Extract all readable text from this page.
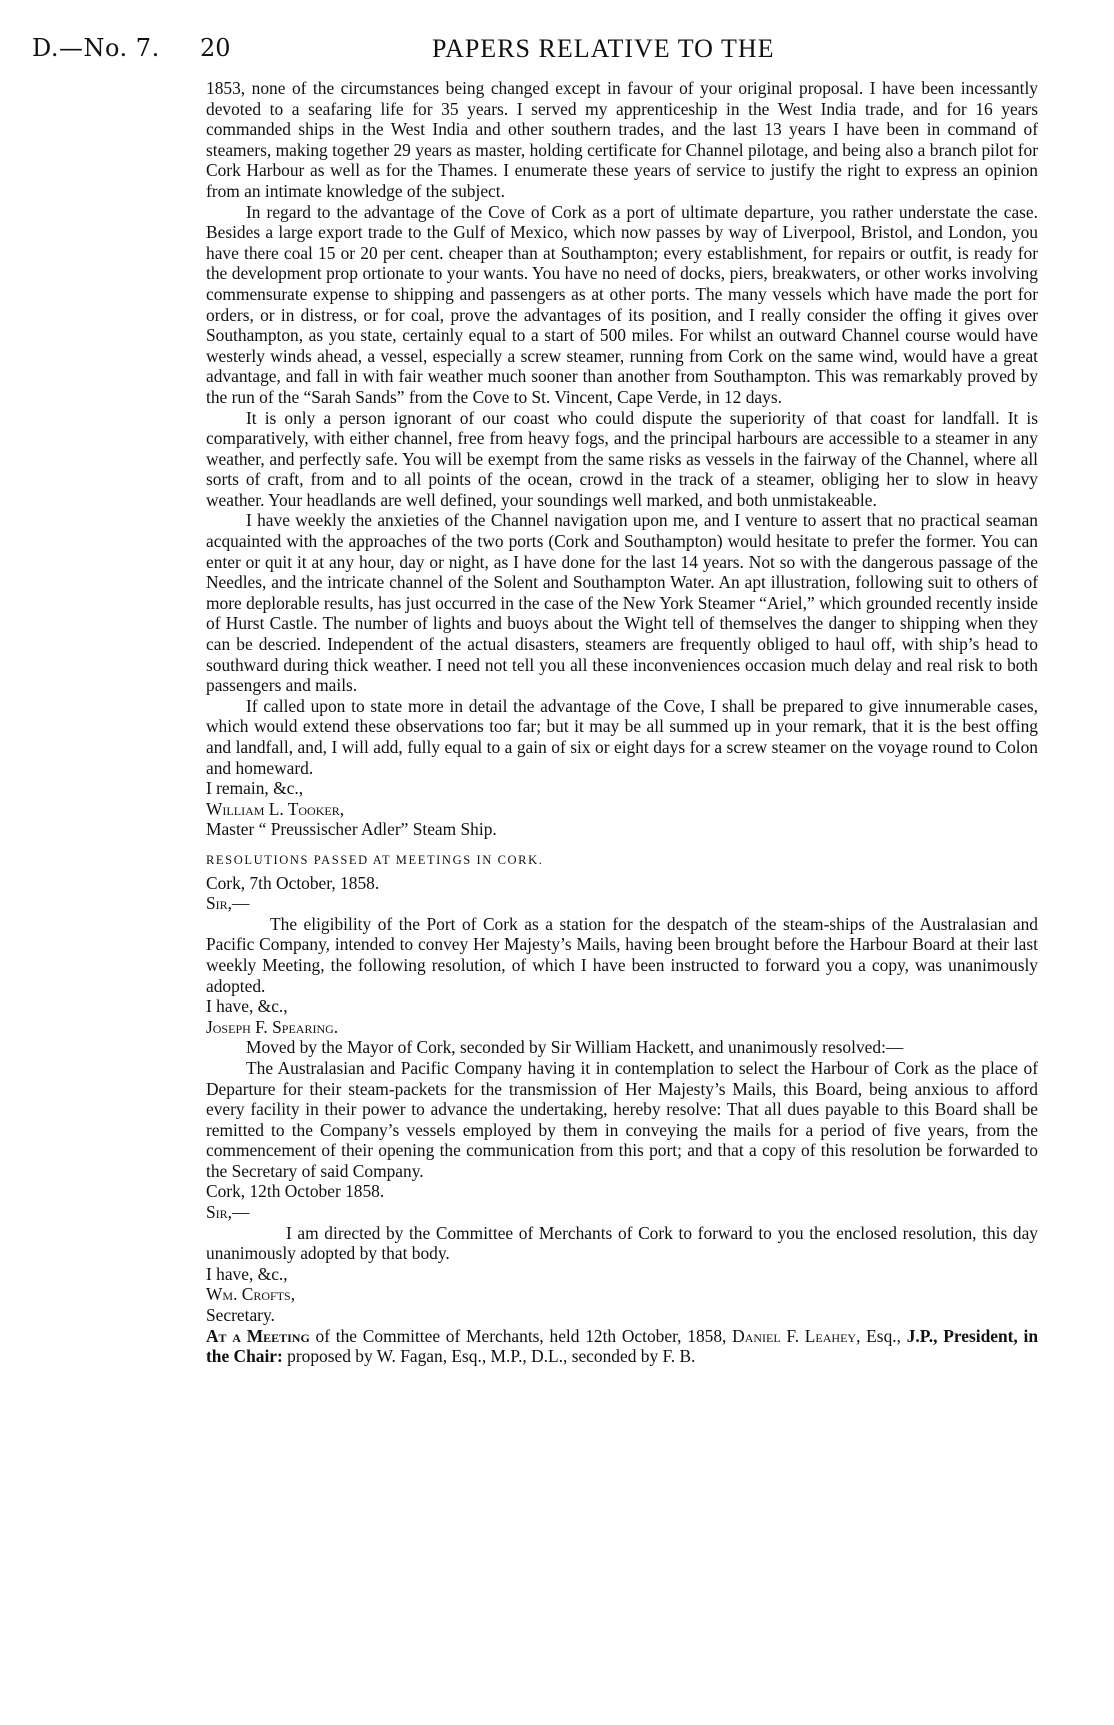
D.—No. 7. 20	PAPERS RELATIVE TO THE

1853, none of the circumstances being changed except in favour of your original proposal. I have been incessantly devoted to a seafaring life for 35 years. I served my apprenticeship in the West India trade, and for 16 years commanded ships in the West India and other southern trades, and the last 13 years I have been in command of steamers, making together 29 years as master, holding certificate for Channel pilotage, and being also a branch pilot for Cork Harbour as well as for the Thames. I enumerate these years of service to justify the right to express an opinion from an intimate knowledge of the subject.

In regard to the advantage of the Cove of Cork as a port of ultimate departure, you rather understate the case. Besides a large export trade to the Gulf of Mexico, which now passes by way of Liverpool, Bristol, and London, you have there coal 15 or 20 per cent. cheaper than at Southampton; every establishment, for repairs or outfit, is ready for the development prop ortionate to your wants. You have no need of docks, piers, breakwaters, or other works involving commensurate expense to shipping and passengers as at other ports. The many vessels which have made the port for orders, or in distress, or for coal, prove the advantages of its position, and I really consider the offing it gives over Southampton, as you state, certainly equal to a start of 500 miles. For whilst an outward Channel course would have westerly winds ahead, a vessel, especially a screw steamer, running from Cork on the same wind, would have a great advantage, and fall in with fair weather much sooner than another from Southampton. This was remarkably proved by the run of the “Sarah Sands” from the Cove to St. Vincent, Cape Verde, in 12 days.

It is only a person ignorant of our coast who could dispute the superiority of that coast for landfall. It is comparatively, with either channel, free from heavy fogs, and the principal harbours are accessible to a steamer in any weather, and perfectly safe. You will be exempt from the same risks as vessels in the fairway of the Channel, where all sorts of craft, from and to all points of the ocean, crowd in the track of a steamer, obliging her to slow in heavy weather. Your headlands are well defined, your soundings well marked, and both unmistakeable.

I have weekly the anxieties of the Channel navigation upon me, and I venture to assert that no practical seaman acquainted with the approaches of the two ports (Cork and Southampton) would hesitate to prefer the former. You can enter or quit it at any hour, day or night, as I have done for the last 14 years. Not so with the dangerous passage of the Needles, and the intricate channel of the Solent and Southampton Water. An apt illustration, following suit to others of more deplorable results, has just occurred in the case of the New York Steamer “Ariel,” which grounded recently inside of Hurst Castle. The number of lights and buoys about the Wight tell of themselves the danger to shipping when they can be descried. Independent of the actual disasters, steamers are frequently obliged to haul off, with ship’s head to southward during thick weather. I need not tell you all these inconveniences occasion much delay and real risk to both passengers and mails.

If called upon to state more in detail the advantage of the Cove, I shall be prepared to give innumerable cases, which would extend these observations too far; but it may be all summed up in your remark, that it is the best offing and landfall, and, I will add, fully equal to a gain of six or eight days for a screw steamer on the voyage round to Colon and homeward.

I remain, &c.,

William L. Tooker,

Master “ Preussischer Adler” Steam Ship.

RESOLUTIONS PASSED AT MEETINGS IN CORK.

Cork, 7th October, 1858.

Sir,—

The eligibility of the Port of Cork as a station for the despatch of the steam-ships of the Australasian and Pacific Company, intended to convey Her Majesty’s Mails, having been brought before the Harbour Board at their last weekly Meeting, the following resolution, of which I have been instructed to forward you a copy, was unanimously adopted.

I have, &c.,

Joseph F. Spearing.

Moved by the Mayor of Cork, seconded by Sir William Hackett, and unanimously resolved:—

The Australasian and Pacific Company having it in contemplation to select the Harbour of Cork as the place of Departure for their steam-packets for the transmission of Her Majesty’s Mails, this Board, being anxious to afford every facility in their power to advance the undertaking, hereby resolve: That all dues payable to this Board shall be remitted to the Company’s vessels employed by them in conveying the mails for a period of five years, from the commencement of their opening the communication from this port; and that a copy of this resolution be forwarded to the Secretary of said Company.

Cork, 12th October 1858.

Sir,—

I am directed by the Committee of Merchants of Cork to forward to you the enclosed resolution, this day unanimously adopted by that body.

I have, &c.,

Wm. Crofts,

Secretary.

At a Meeting of the Committee of Merchants, held 12th October, 1858, Daniel F. Leahey, Esq., J.P., President, in the Chair: proposed by W. Fagan, Esq., M.P., D.L., seconded by F. B.
